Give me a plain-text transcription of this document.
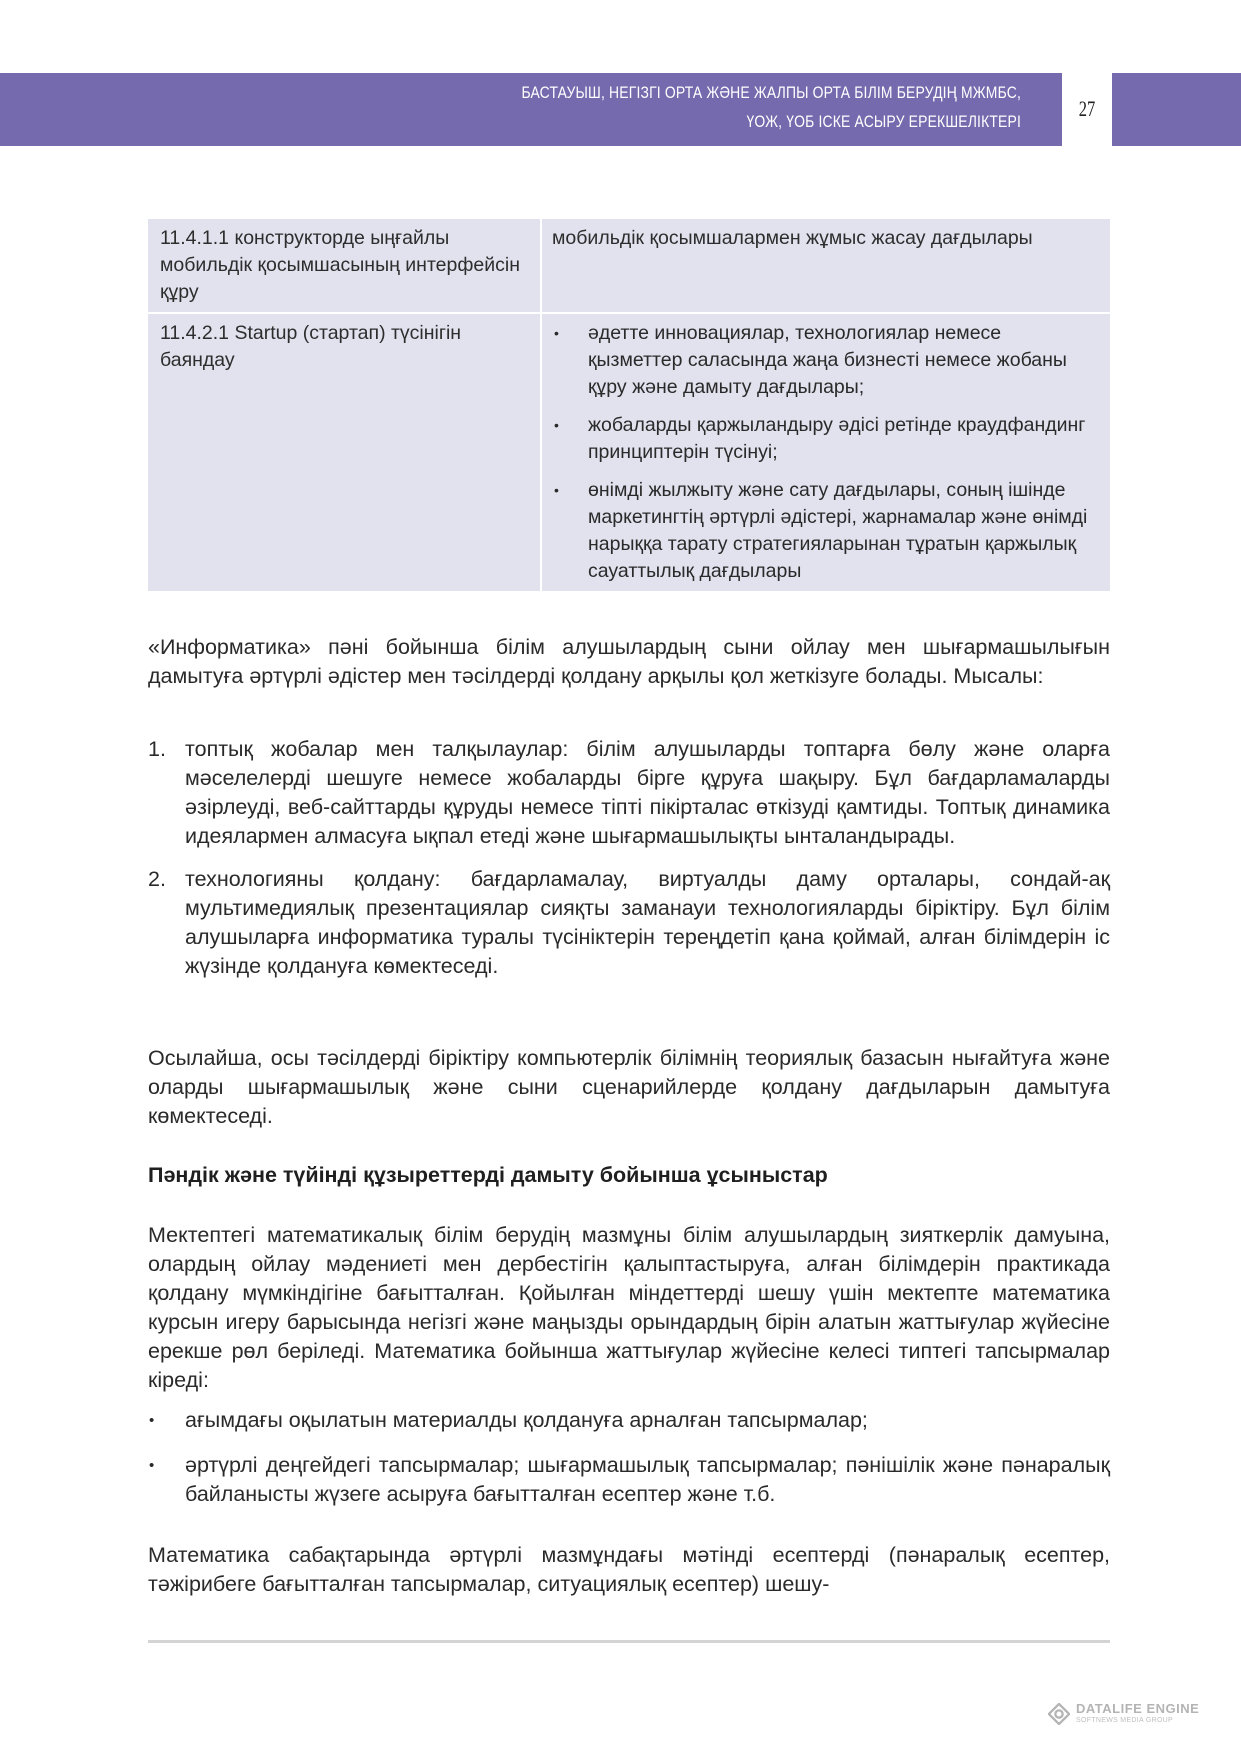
БАСТАУЫШ, НЕГІЗГІ ОРТА ЖӘНЕ ЖАЛПЫ ОРТА БІЛІМ БЕРУДІҢ МЖМБС,
ҮОЖ, ҮОБ ІСКЕ АСЫРУ ЕРЕКШЕЛІКТЕРІ
27
11.4.1.1 конструкторде ыңғайлы мобильдік қосымшасының интерфейсін құру
мобильдік қосымшалармен жұмыс жасау дағдылары
11.4.2.1 Startup (стартап) түсінігін баяндау
• әдетте инновациялар, технологиялар немесе қызметтер саласында жаңа бизнесті немесе жобаны құру және дамыту дағдылары;
• жобаларды қаржыландыру әдісі ретінде краудфандинг принциптерін түсінуі;
• өнімді жылжыту және сату дағдылары, соның ішінде маркетингтің әртүрлі әдістері, жарнамалар және өнімді нарыққа тарату стратегияларынан тұратын қаржылық сауаттылық дағдылары

«Информатика» пәні бойынша білім алушылардың сыни ойлау мен шығармашылығын дамытуға әртүрлі әдістер мен тәсілдерді қолдану арқылы қол жеткізуге болады. Мысалы:

1. топтық жобалар мен талқылаулар: білім алушыларды топтарға бөлу және оларға мәселелерді шешуге немесе жобаларды бірге құруға шақыру. Бұл бағдарламаларды әзірлеуді, веб-сайттарды құруды немесе тіпті пікірталас өткізуді қамтиды. Топтық динамика идеялармен алмасуға ықпал етеді және шығармашылықты ынталандырады.
2. технологияны қолдану: бағдарламалау, виртуалды даму орталары, сондай-ақ мультимедиялық презентациялар сияқты заманауи технологияларды біріктіру. Бұл білім алушыларға информатика туралы түсініктерін тереңдетіп қана қоймай, алған білімдерін іс жүзінде қолдануға көмектеседі.

Осылайша, осы тәсілдерді біріктіру компьютерлік білімнің теориялық базасын нығайтуға және оларды шығармашылық және сыни сценарийлерде қолдану дағдыларын дамытуға көмектеседі.

Пәндік және түйінді құзыреттерді дамыту бойынша ұсыныстар

Мектептегі математикалық білім берудің мазмұны білім алушылардың зияткерлік дамуына, олардың ойлау мәдениеті мен дербестігін қалыптастыруға, алған білімдерін практикада қолдану мүмкіндігіне бағытталған. Қойылған міндеттерді шешу үшін мектепте математика курсын игеру барысында негізгі және маңызды орындардың бірін алатын жаттығулар жүйесіне ерекше рөл беріледі. Математика бойынша жаттығулар жүйесіне келесі типтегі тапсырмалар кіреді:

• ағымдағы оқылатын материалды қолдануға арналған тапсырмалар;
• әртүрлі деңгейдегі тапсырмалар; шығармашылық тапсырмалар; пәнішілік және пәнаралық байланысты жүзеге асыруға бағытталған есептер және т.б.

Математика сабақтарында әртүрлі мазмұндағы мәтінді есептерді (пәнаралық есептер, тәжірибеге бағытталған тапсырмалар, ситуациялық есептер) шешу-

DATALIFE ENGINE
SOFTNEWS MEDIA GROUP
